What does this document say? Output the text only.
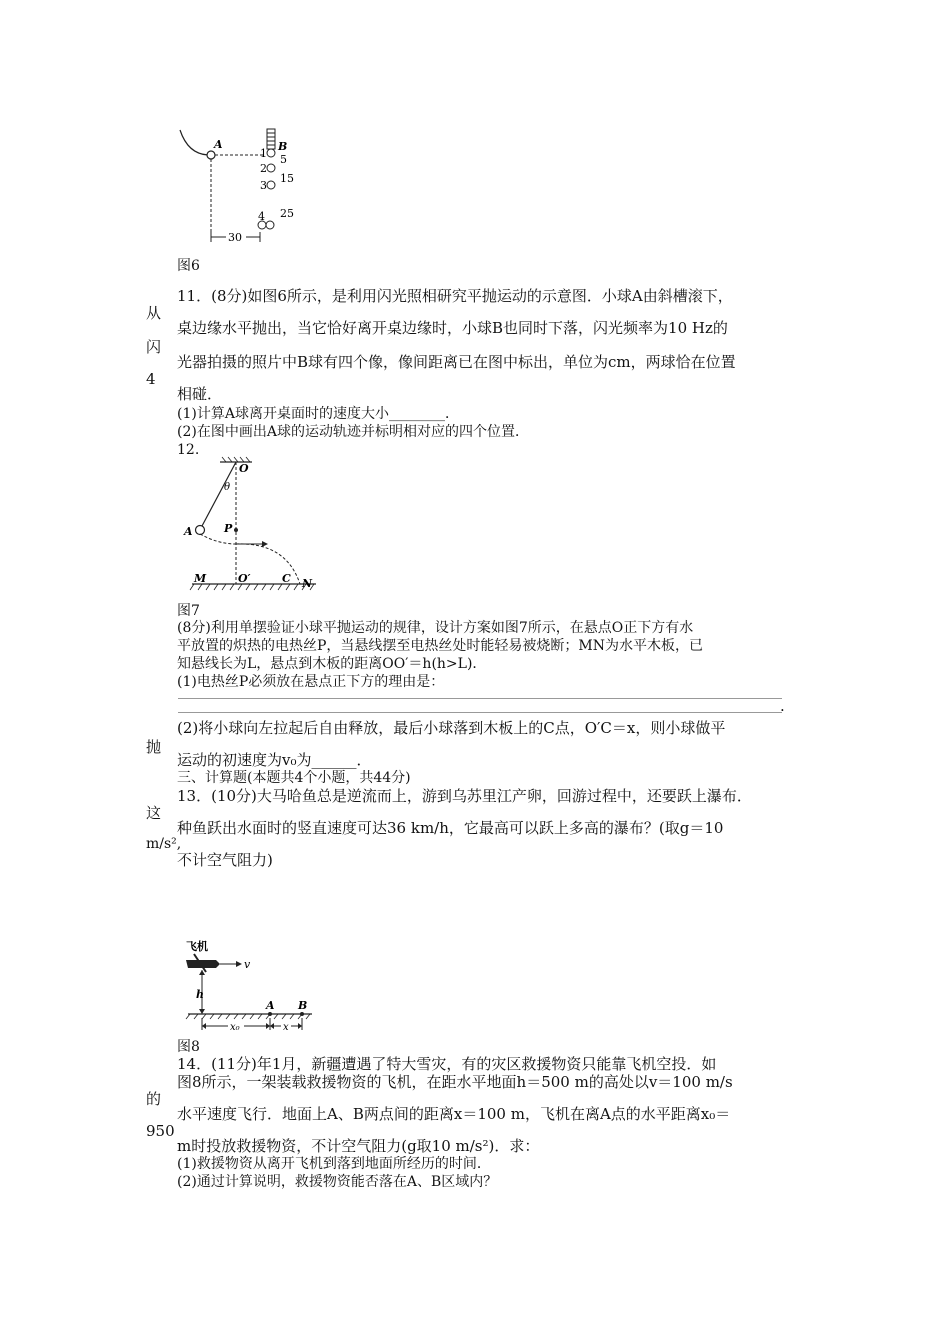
A	B
1 5
2
15
3
25
4
30
图6
11．(8分)如图6所示，是利用闪光照相研究平抛运动的示意图．小球A由斜槽滚下，
从
桌边缘水平抛出，当它恰好离开桌边缘时，小球B也同时下落，闪光频率为10 Hz的
闪
光器拍摄的照片中B球有四个像，像间距离已在图中标出，单位为cm，两球恰在位置
4
相碰．
(1)计算A球离开桌面时的速度大小________．
(2)在图中画出A球的运动轨迹并标明相对应的四个位置．
12.
O
θ
A	P
M	O′	C N
图7
(8分)利用单摆验证小球平抛运动的规律，设计方案如图7所示，在悬点O正下方有水
平放置的炽热的电热丝P，当悬线摆至电热丝处时能轻易被烧断；MN为水平木板，已
知悬线长为L，悬点到木板的距离OO′＝h(h>L)．
(1)电热丝P必须放在悬点正下方的理由是：
.
(2)将小球向左拉起后自由释放，最后小球落到木板上的C点，O′C＝x，则小球做平
抛
运动的初速度为v₀为______．
三、计算题(本题共4个小题，共44分)
13．(10分)大马哈鱼总是逆流而上，游到乌苏里江产卵，回游过程中，还要跃上瀑布．
这
种鱼跃出水面时的竖直速度可达36 km/h，它最高可以跃上多高的瀑布？(取g＝10
m/s²,
不计空气阻力)
飞机
v
h
A B
x₀	x
图8
14．(11分)年1月，新疆遭遇了特大雪灾，有的灾区救援物资只能靠飞机空投．如
图8所示，一架装载救援物资的飞机，在距水平地面h＝500 m的高处以v＝100 m/s
的
水平速度飞行．地面上A、B两点间的距离x＝100 m，飞机在离A点的水平距离x₀＝
950
m时投放救援物资，不计空气阻力(g取10 m/s²)．求：
(1)救援物资从离开飞机到落到地面所经历的时间．
(2)通过计算说明，救援物资能否落在A、B区域内？
